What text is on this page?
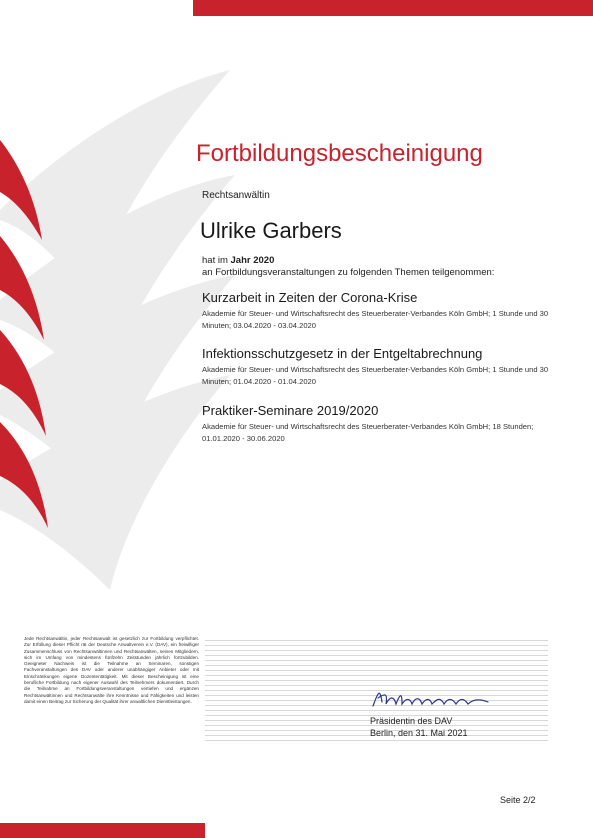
Fortbildungsbescheinigung
Rechtsanwältin
Ulrike Garbers
hat im Jahr 2020
an Fortbildungsveranstaltungen zu folgenden Themen teilgenommen:
Kurzarbeit in Zeiten der Corona-Krise
Akademie für Steuer- und Wirtschaftsrecht des Steuerberater-Verbandes Köln GmbH; 1 Stunde und 30 Minuten; 03.04.2020 - 03.04.2020
Infektionsschutzgesetz in der Entgeltabrechnung
Akademie für Steuer- und Wirtschaftsrecht des Steuerberater-Verbandes Köln GmbH; 1 Stunde und 30 Minuten; 01.04.2020 - 01.04.2020
Praktiker-Seminare 2019/2020
Akademie für Steuer- und Wirtschaftsrecht des Steuerberater-Verbandes Köln GmbH; 18 Stunden; 01.01.2020 - 30.06.2020
Jede Rechtsanwältin, jeder Rechtsanwalt ist gesetzlich zur Fortbildung verpflichtet. Zur Erfüllung dieser Pflicht rät der Deutsche Anwaltverein e.V. (DAV), ein freiwilliger Zusammenschluss von Rechtsanwältinnen und Rechtsanwälten, seinen Mitgliedern, sich im Umfang von mindestens fünfzehn Zeitstunden jährlich fortzubilden. Geeigneter Nachweis ist die Teilnahme an Seminaren, sonstigen Fachveranstaltungen des DAV oder anderer unabhängiger Anbieter oder mit Einschränkungen eigene Dozententätigkeit. Mit dieser Bescheinigung ist eine berufliche Fortbildung nach eigener Auswahl des Teilnehmers dokumentiert. Durch die Teilnahme an Fortbildungsveranstaltungen vertiefen und ergänzen Rechtsanwältinnen und Rechtsanwälte ihre Kenntnisse und Fähigkeiten und leisten damit einen Beitrag zur Sicherung der Qualität ihrer anwaltlichen Dienstleistungen.
Präsidentin des DAV
Berlin, den 31. Mai 2021
Seite 2/2
